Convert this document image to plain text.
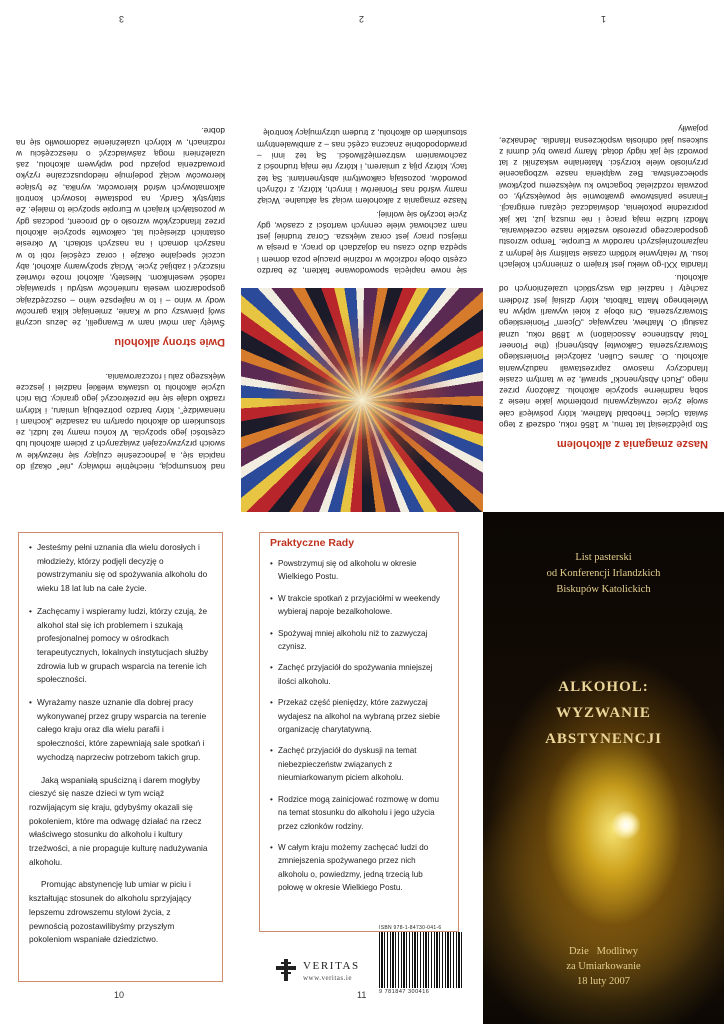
Nasze zmagania z alkoholem

Sto pięćdziesiąt lat temu, w 1856 roku, odszedł z tego świata Ojciec Theobald Mathew, który poświęcił całe swoje życie rozwiązywaniu problemów jakie niesie z sobą nadmierne spożycie alkoholu. Założony przez niego „Ruch Abstynencki” sprawił, że w tamtym czasie Irlandczycy masowo zaprzestawali nadużywania alkoholu. O. James Cullen, założyciel Pionierskiego Stowarzyszenia Całkowitej Abstynencji (the Pioneer Total Abstinence Association) w 1898 roku, uznał zasługi O. Mathew, nazywając „Ojcem” Pionierskiego Stowarzyszenia. Oni oboje z kolei wywarli wpływ na Wielebnego Matta Talbota, który dzisiaj jest źródłem zachęty i nadziei dla wszystkich uzależnionych od alkoholu.

Irlandia XXI-go wieku jest krajem o zmiennych kolejach losu. W relatywnie krótkim czasie staliśmy się jednym z najzamożniejszych narodów w Europie. Tempo wzrostu gospodarczego przerosło wszelkie nasze oczekiwania. Młodzi ludzie mają pracę i nie muszą już, tak jak poprzednie pokolenia, doświadczać ciężaru emigracji. Finanse państwowe gwałtownie się powiększyły, co pozwala rozdzielać bogactwo ku większemu pożytkowi społeczeństwa. Bez wątpienia nasze wzbogacenie przyniosło wiele korzyści. Materialne wskaźniki z lat powodzi się jak nigdy dotąd. Mamy prawo być dumni z sukcesu jaki odniosła współczesna Irlandia. Jednakże, pojawiły

się nowe napięcia spowodowane faktem, że bardzo często oboje rodziców w rodzinie pracuje poza domem i spędza dużo czasu na dojazdach do pracy, a presja w miejscu pracy jest coraz większa. Coraz trudniej jest nam zachować wiele cennych wartości z czasów, gdy życie toczyło się wolniej.

Nasze zmagania z alkoholem wciąż są aktualne. Wciąż mamy wśród nas Pionierów i innych, którzy, z różnych powodów, pozostają całkowitymi abstynentami. Są też tacy, którzy piją z umiarem, i którzy nie mają trudności z zachowaniem wstrzemięźliwości. Są też inni – prawdopodobnie znaczna część nas – z ambiwalentnym stosunkiem do alkoholu, z trudem utrzymujący kontrolę

nad konsumpcją, niechętnie mówiący „nie” okazji do napicia się, a jednocześnie czujący się niezwykle w swoich przyzwyczajeń związanych z piciem alkoholu lub częstości jego spożycia. W końcu mamy też ludzi, ze stosunkiem do alkoholu opartym na zasadzie „kocham i nienawidzę”, który bardzo potrzebują umiaru, i którym rzadko udaje się nie przekroczyć jego granicy. Dla nich użycie alkoholu to ustawka wielkiej nadziei i jeszcze większego zalu i rozczarowania.

Dwie strony alkoholu

Święty Jan mówi nam w Ewangelii, że Jezus uczynił swój pierwszy cud w Kanie, zmieniając kilka garnców wody w wino – i to w najlepsze wino – oszczędzając gospodarzom wesela rumieńców wstydu i sprawiając radość weselnikom. Niestety, alkohol może również niszczyć i zabijać życie. Wciąż spożywamy alkohol, aby uczcić specjalne okazje i coraz częściej robi to w naszych domach i na naszych stołach. W okresie ostatnich dziesięciu lat, całkowite spożycie alkoholu przez Irlandczyków wzrosło o 40 procent, podczas gdy w pozostałych krajach w Europie spożycie to maleje. Ze statystyk Gardy, na podstawie losowych kontroli alkomatowych wśród kierowców, wynika, że tysiące kierowców wciąż podejmuje niedopuszczalne ryzyko prowadzenia pojazdu pod wpływem alkoholu, zaś uzależnieni mogą zaświadczyć o nieszczęściu w rodzinach, w których uzależnienie zadomowiło się na dobre.

1
2
3
• Jesteśmy pełni uznania dla wielu dorosłych i młodzieży, którzy podjęli decyzję o powstrzymaniu się od spożywania alkoholu do wieku 18 lat lub na całe życie.
• Zachęcamy i wspieramy ludzi, którzy czują, że alkohol stał się ich problemem i szukają profesjonalnej pomocy w ośrodkach terapeutycznych, lokalnych instytucjach służby zdrowia lub w grupach wsparcia na terenie ich społeczności.
• Wyrażamy nasze uznanie dla dobrej pracy wykonywanej przez grupy wsparcia na terenie całego kraju oraz dla wielu parafii i społeczności, które zapewniają sale spotkań i wychodzą naprzeciw potrzebom takich grup.

Jaką wspaniałą spuścizną i darem mogłyby cieszyć się nasze dzieci w tym wciąż rozwijającym się kraju, gdybyśmy okazali się pokoleniem, które ma odwagę działać na rzecz właściwego stosunku do alkoholu i kultury trzeźwości, a nie propaguje kulturę nadużywania alkoholu.

Promując abstynencję lub umiar w piciu i kształtując stosunek do alkoholu sprzyjający lepszemu zdrowszemu stylowi życia, z pewnością pozostawilibyśmy przyszłym pokoleniom wspaniałe dziedzictwo.

10
Praktyczne Rady
• Powstrzymuj się od alkoholu w okresie Wielkiego Postu.
• W trakcie spotkań z przyjaciółmi w weekendy wybieraj napoje bezalkoholowe.
• Spożywaj mniej alkoholu niż to zazwyczaj czynisz.
• Zachęć przyjaciół do spożywania mniejszej ilości alkoholu.
• Przekaż część pieniędzy, które zazwyczaj wydajesz na alkohol na wybraną przez siebie organizację charytatywną.
• Zachęć przyjaciół do dyskusji na temat niebezpieczeństw związanych z nieumiarkowanym piciem alkoholu.
• Rodzice mogą zainicjować rozmowę w domu na temat stosunku do alkoholu i jego użycia przez członków rodziny.
• W całym kraju możemy zachęcać ludzi do zmniejszenia spożywanego przez nich alkoholu o, powiedzmy, jedną trzecią lub połowę w okresie Wielkiego Postu.
ISBN 978-1-84730-041-6
9 781847 300416
VERITAS
www.veritas.ie
11
List pasterski
od Konferencji Irlandzkich
Biskupów Katolickich
ALKOHOL:
WYZWANIE
ABSTYNENCJI
Dzie   Modlitwy
za Umiarkowanie
18 luty 2007
